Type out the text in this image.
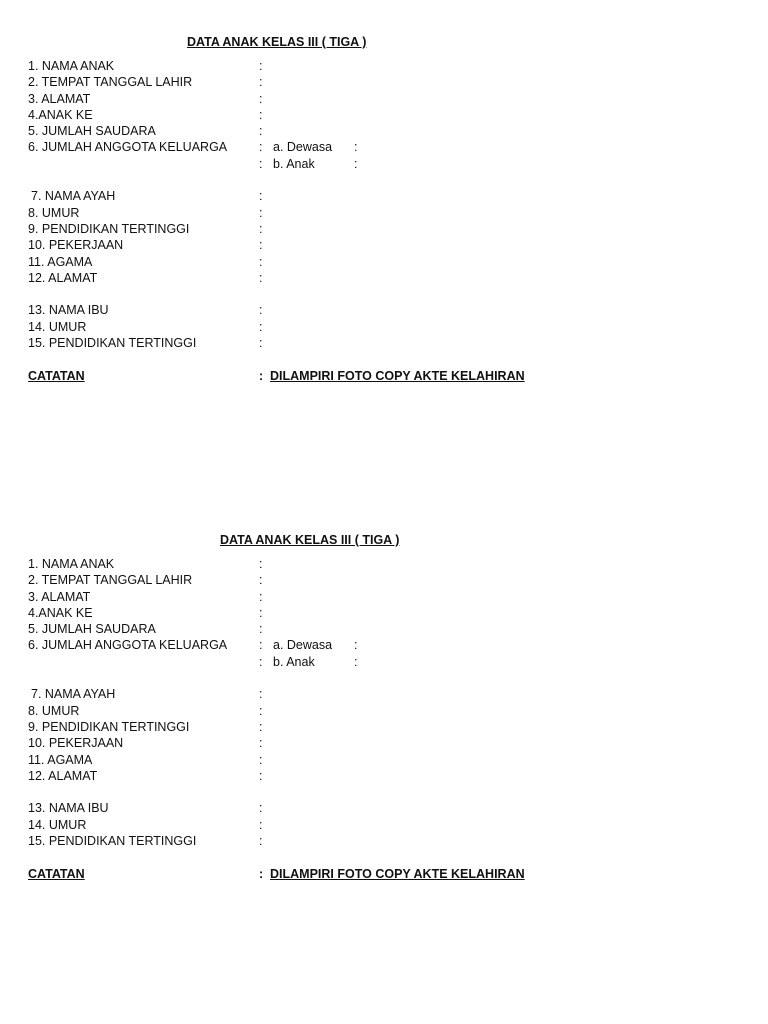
DATA ANAK KELAS III ( TIGA )
1. NAMA ANAK	:
2. TEMPAT TANGGAL LAHIR	:
3. ALAMAT	:
4.ANAK KE	:
5. JUMLAH SAUDARA	:
6. JUMLAH ANGGOTA KELUARGA	: a. Dewasa :
: b. Anak	:
7. NAMA AYAH	:
8. UMUR	:
9. PENDIDIKAN TERTINGGI	:
10. PEKERJAAN	:
11. AGAMA	:
12. ALAMAT	:
13. NAMA IBU	:
14. UMUR	:
15. PENDIDIKAN TERTINGGI	:
CATATAN	: DILAMPIRI FOTO COPY AKTE KELAHIRAN
DATA ANAK KELAS III ( TIGA )
1. NAMA ANAK	:
2. TEMPAT TANGGAL LAHIR	:
3. ALAMAT	:
4.ANAK KE	:
5. JUMLAH SAUDARA	:
6. JUMLAH ANGGOTA KELUARGA	: a. Dewasa :
: b. Anak	:
7. NAMA AYAH	:
8. UMUR	:
9. PENDIDIKAN TERTINGGI	:
10. PEKERJAAN	:
11. AGAMA	:
12. ALAMAT	:
13. NAMA IBU	:
14. UMUR	:
15. PENDIDIKAN TERTINGGI	:
CATATAN	: DILAMPIRI FOTO COPY AKTE KELAHIRAN
